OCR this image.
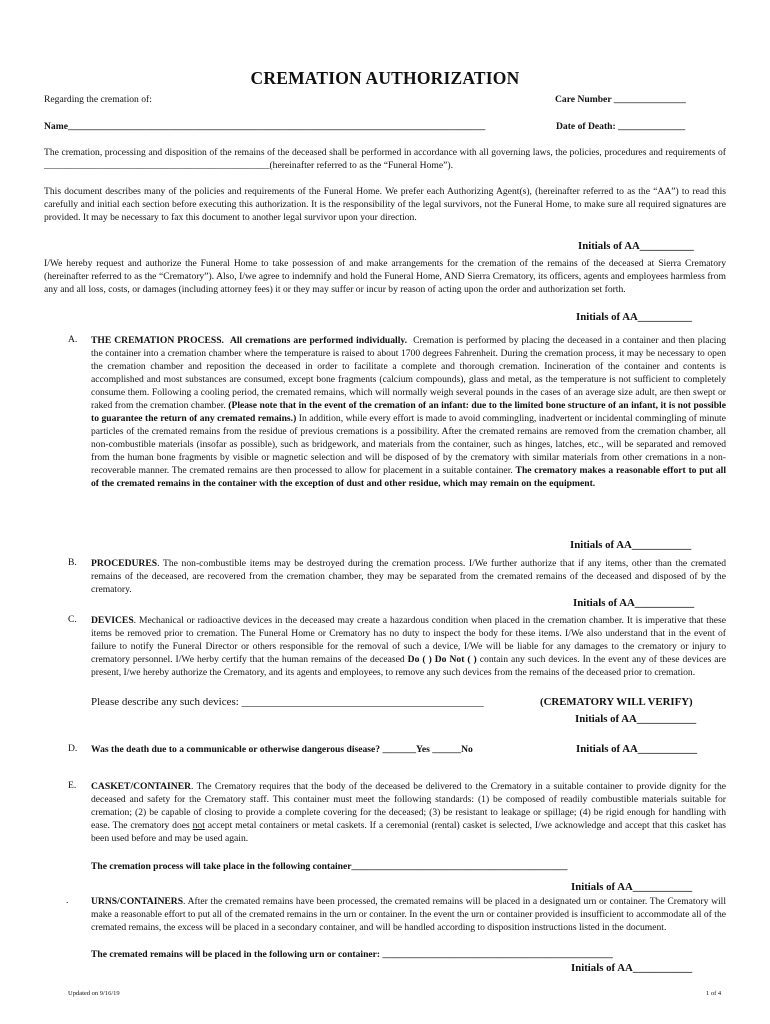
CREMATION AUTHORIZATION
Regarding the cremation of:	Care Number _______________
Name_______________________________________________________________________________________	Date of Death: ______________
The cremation, processing and disposition of the remains of the deceased shall be performed in accordance with all governing laws, the policies, procedures and requirements of _______________________________________________(hereinafter referred to as the “Funeral Home”).
This document describes many of the policies and requirements of the Funeral Home. We prefer each Authorizing Agent(s), (hereinafter referred to as the “AA”) to read this carefully and initial each section before executing this authorization. It is the responsibility of the legal survivors, not the Funeral Home, to make sure all required signatures are provided. It may be necessary to fax this document to another legal survivor upon your direction.
Initials of AA__________
I/We hereby request and authorize the Funeral Home to take possession of and make arrangements for the cremation of the remains of the deceased at Sierra Crematory (hereinafter referred to as the “Crematory”). Also, I/we agree to indemnify and hold the Funeral Home, AND Sierra Crematory, its officers, agents and employees harmless from any and all loss, costs, or damages (including attorney fees) it or they may suffer or incur by reason of acting upon the order and authorization set forth.
Initials of AA__________
A. THE CREMATION PROCESS. All cremations are performed individually. Cremation is performed by placing the deceased in a container and then placing the container into a cremation chamber where the temperature is raised to about 1700 degrees Fahrenheit. During the cremation process, it may be necessary to open the cremation chamber and reposition the deceased in order to facilitate a complete and thorough cremation. Incineration of the container and contents is accomplished and most substances are consumed, except bone fragments (calcium compounds), glass and metal, as the temperature is not sufficient to completely consume them. Following a cooling period, the cremated remains, which will normally weigh several pounds in the cases of an average size adult, are then swept or raked from the cremation chamber. (Please note that in the event of the cremation of an infant: due to the limited bone structure of an infant, it is not possible to guarantee the return of any cremated remains.) In addition, while every effort is made to avoid commingling, inadvertent or incidental commingling of minute particles of the cremated remains from the residue of previous cremations is a possibility. After the cremated remains are removed from the cremation chamber, all non-combustible materials (insofar as possible), such as bridgework, and materials from the container, such as hinges, latches, etc., will be separated and removed from the human bone fragments by visible or magnetic selection and will be disposed of by the crematory with similar materials from other cremations in a non-recoverable manner. The cremated remains are then processed to allow for placement in a suitable container. The crematory makes a reasonable effort to put all of the cremated remains in the container with the exception of dust and other residue, which may remain on the equipment.
Initials of AA___________
B. PROCEDURES. The non-combustible items may be destroyed during the cremation process. I/We further authorize that if any items, other than the cremated remains of the deceased, are recovered from the cremation chamber, they may be separated from the cremated remains of the deceased and disposed of by the crematory.
Initials of AA___________
C. DEVICES. Mechanical or radioactive devices in the deceased may create a hazardous condition when placed in the cremation chamber. It is imperative that these items be removed prior to cremation. The Funeral Home or Crematory has no duty to inspect the body for these items. I/We also understand that in the event of failure to notify the Funeral Director or others responsible for the removal of such a device, I/We will be liable for any damages to the crematory or injury to crematory personnel. I/We herby certify that the human remains of the deceased Do ( ) Do Not ( ) contain any such devices. In the event any of these devices are present, I/we hereby authorize the Crematory, and its agents and employees, to remove any such devices from the remains of the deceased prior to cremation.
Please describe any such devices: ____________________________________________	(CREMATORY WILL VERIFY)
Initials of AA___________
D. Was the death due to a communicable or otherwise dangerous disease? _______Yes ______No	Initials of AA___________
E. CASKET/CONTAINER. The Crematory requires that the body of the deceased be delivered to the Crematory in a suitable container to provide dignity for the deceased and safety for the Crematory staff. This container must meet the following standards: (1) be composed of readily combustible materials suitable for cremation; (2) be capable of closing to provide a complete covering for the deceased; (3) be resistant to leakage or spillage; (4) be rigid enough for handling with ease. The crematory does not accept metal containers or metal caskets. If a ceremonial (rental) casket is selected, I/we acknowledge and accept that this casket has been used before and may be used again.
The cremation process will take place in the following container_____________________________________________
Initials of AA___________
. URNS/CONTAINERS. After the cremated remains have been processed, the cremated remains will be placed in a designated urn or container. The Crematory will make a reasonable effort to put all of the cremated remains in the urn or container. In the event the urn or container provided is insufficient to accommodate all of the cremated remains, the excess will be placed in a secondary container, and will be handled according to disposition instructions listed in the document.
The cremated remains will be placed in the following urn or container: ________________________________________________
Initials of AA___________
Updated on 9/16/19	1 of 4
